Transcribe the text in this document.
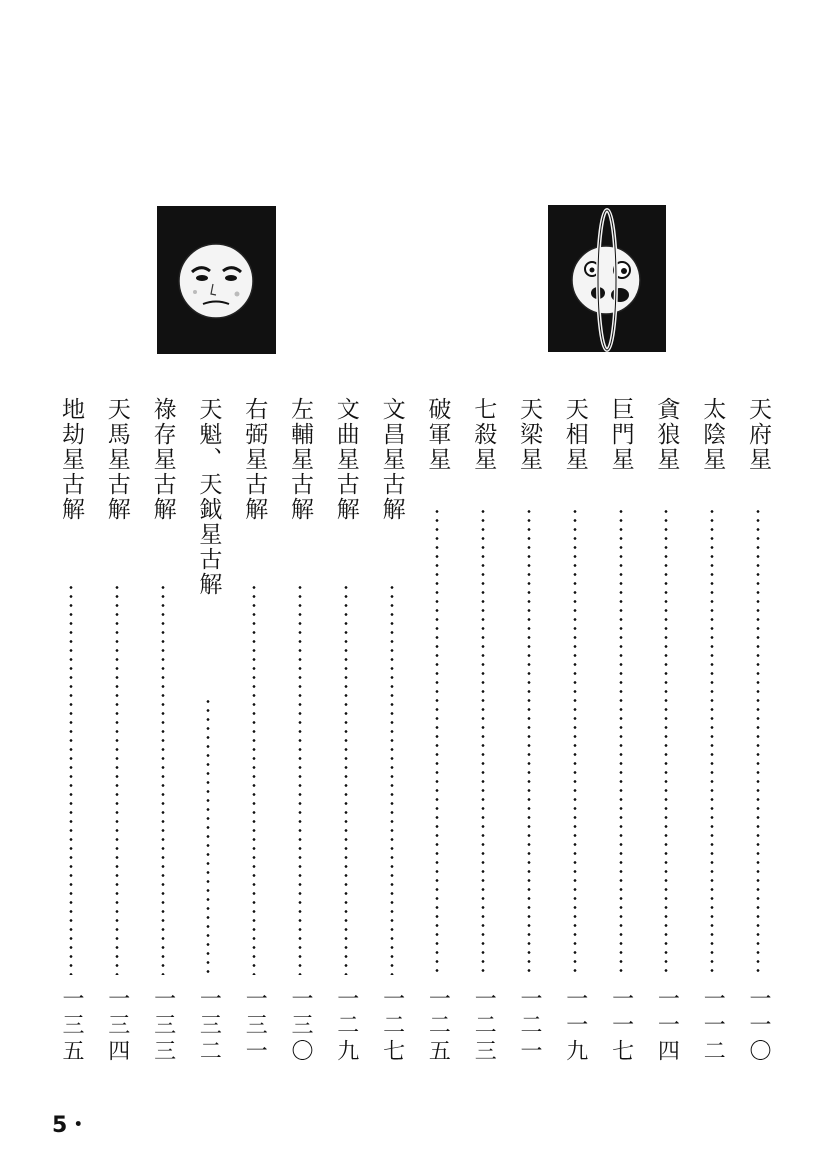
天府星
一一〇
太陰星
一一二
貪狼星
一一四
巨門星
一一七
天相星
一一九
天梁星
一二一
七殺星
一二三
破軍星
一二五
文昌星古解
一二七
文曲星古解
一二九
左輔星古解
一三〇
右弼星古解
一三一
天魁、天鉞星古解
一三二
祿存星古解
一三三
天馬星古解
一三四
地劫星古解
一三五
5・
